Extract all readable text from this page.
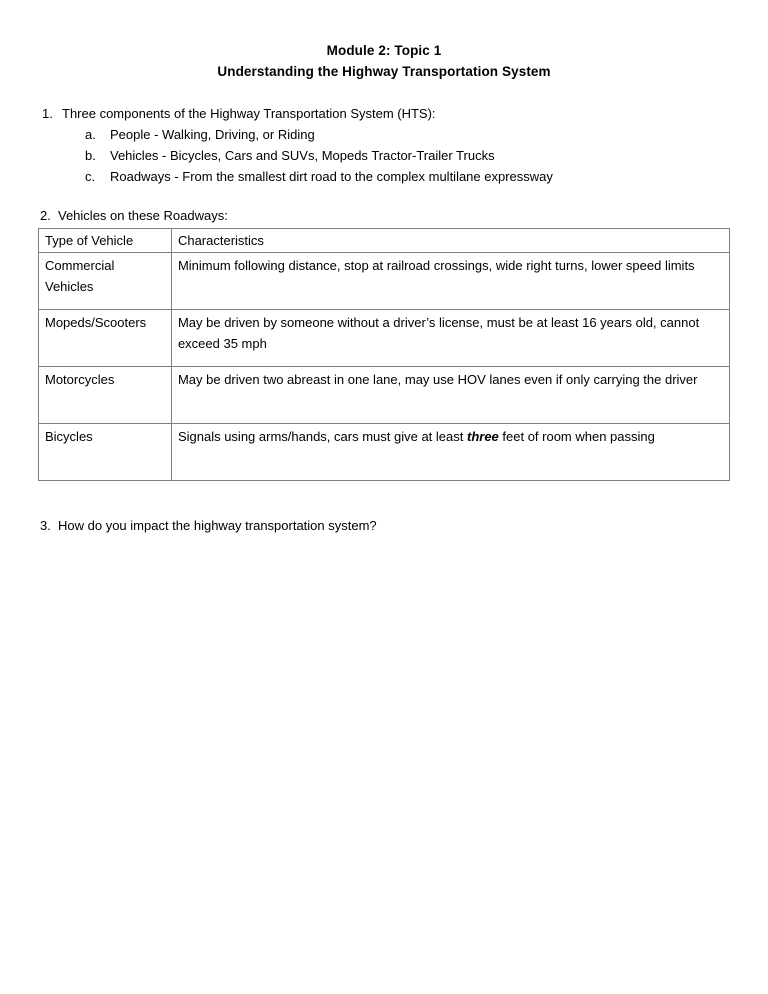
Module 2: Topic 1
Understanding the Highway Transportation System
1. Three components of the Highway Transportation System (HTS):
a. People - Walking, Driving, or Riding
b. Vehicles - Bicycles, Cars and SUVs, Mopeds Tractor-Trailer Trucks
c. Roadways - From the smallest dirt road to the complex multilane expressway
2. Vehicles on these Roadways:
Type of Vehicle	Characteristics
Commercial Vehicles	Minimum following distance, stop at railroad crossings, wide right turns, lower speed limits
Mopeds/Scooters	May be driven by someone without a driver’s license, must be at least 16 years old, cannot exceed 35 mph
Motorcycles	May be driven two abreast in one lane, may use HOV lanes even if only carrying the driver
Bicycles	Signals using arms/hands, cars must give at least three feet of room when passing
3. How do you impact the highway transportation system?
